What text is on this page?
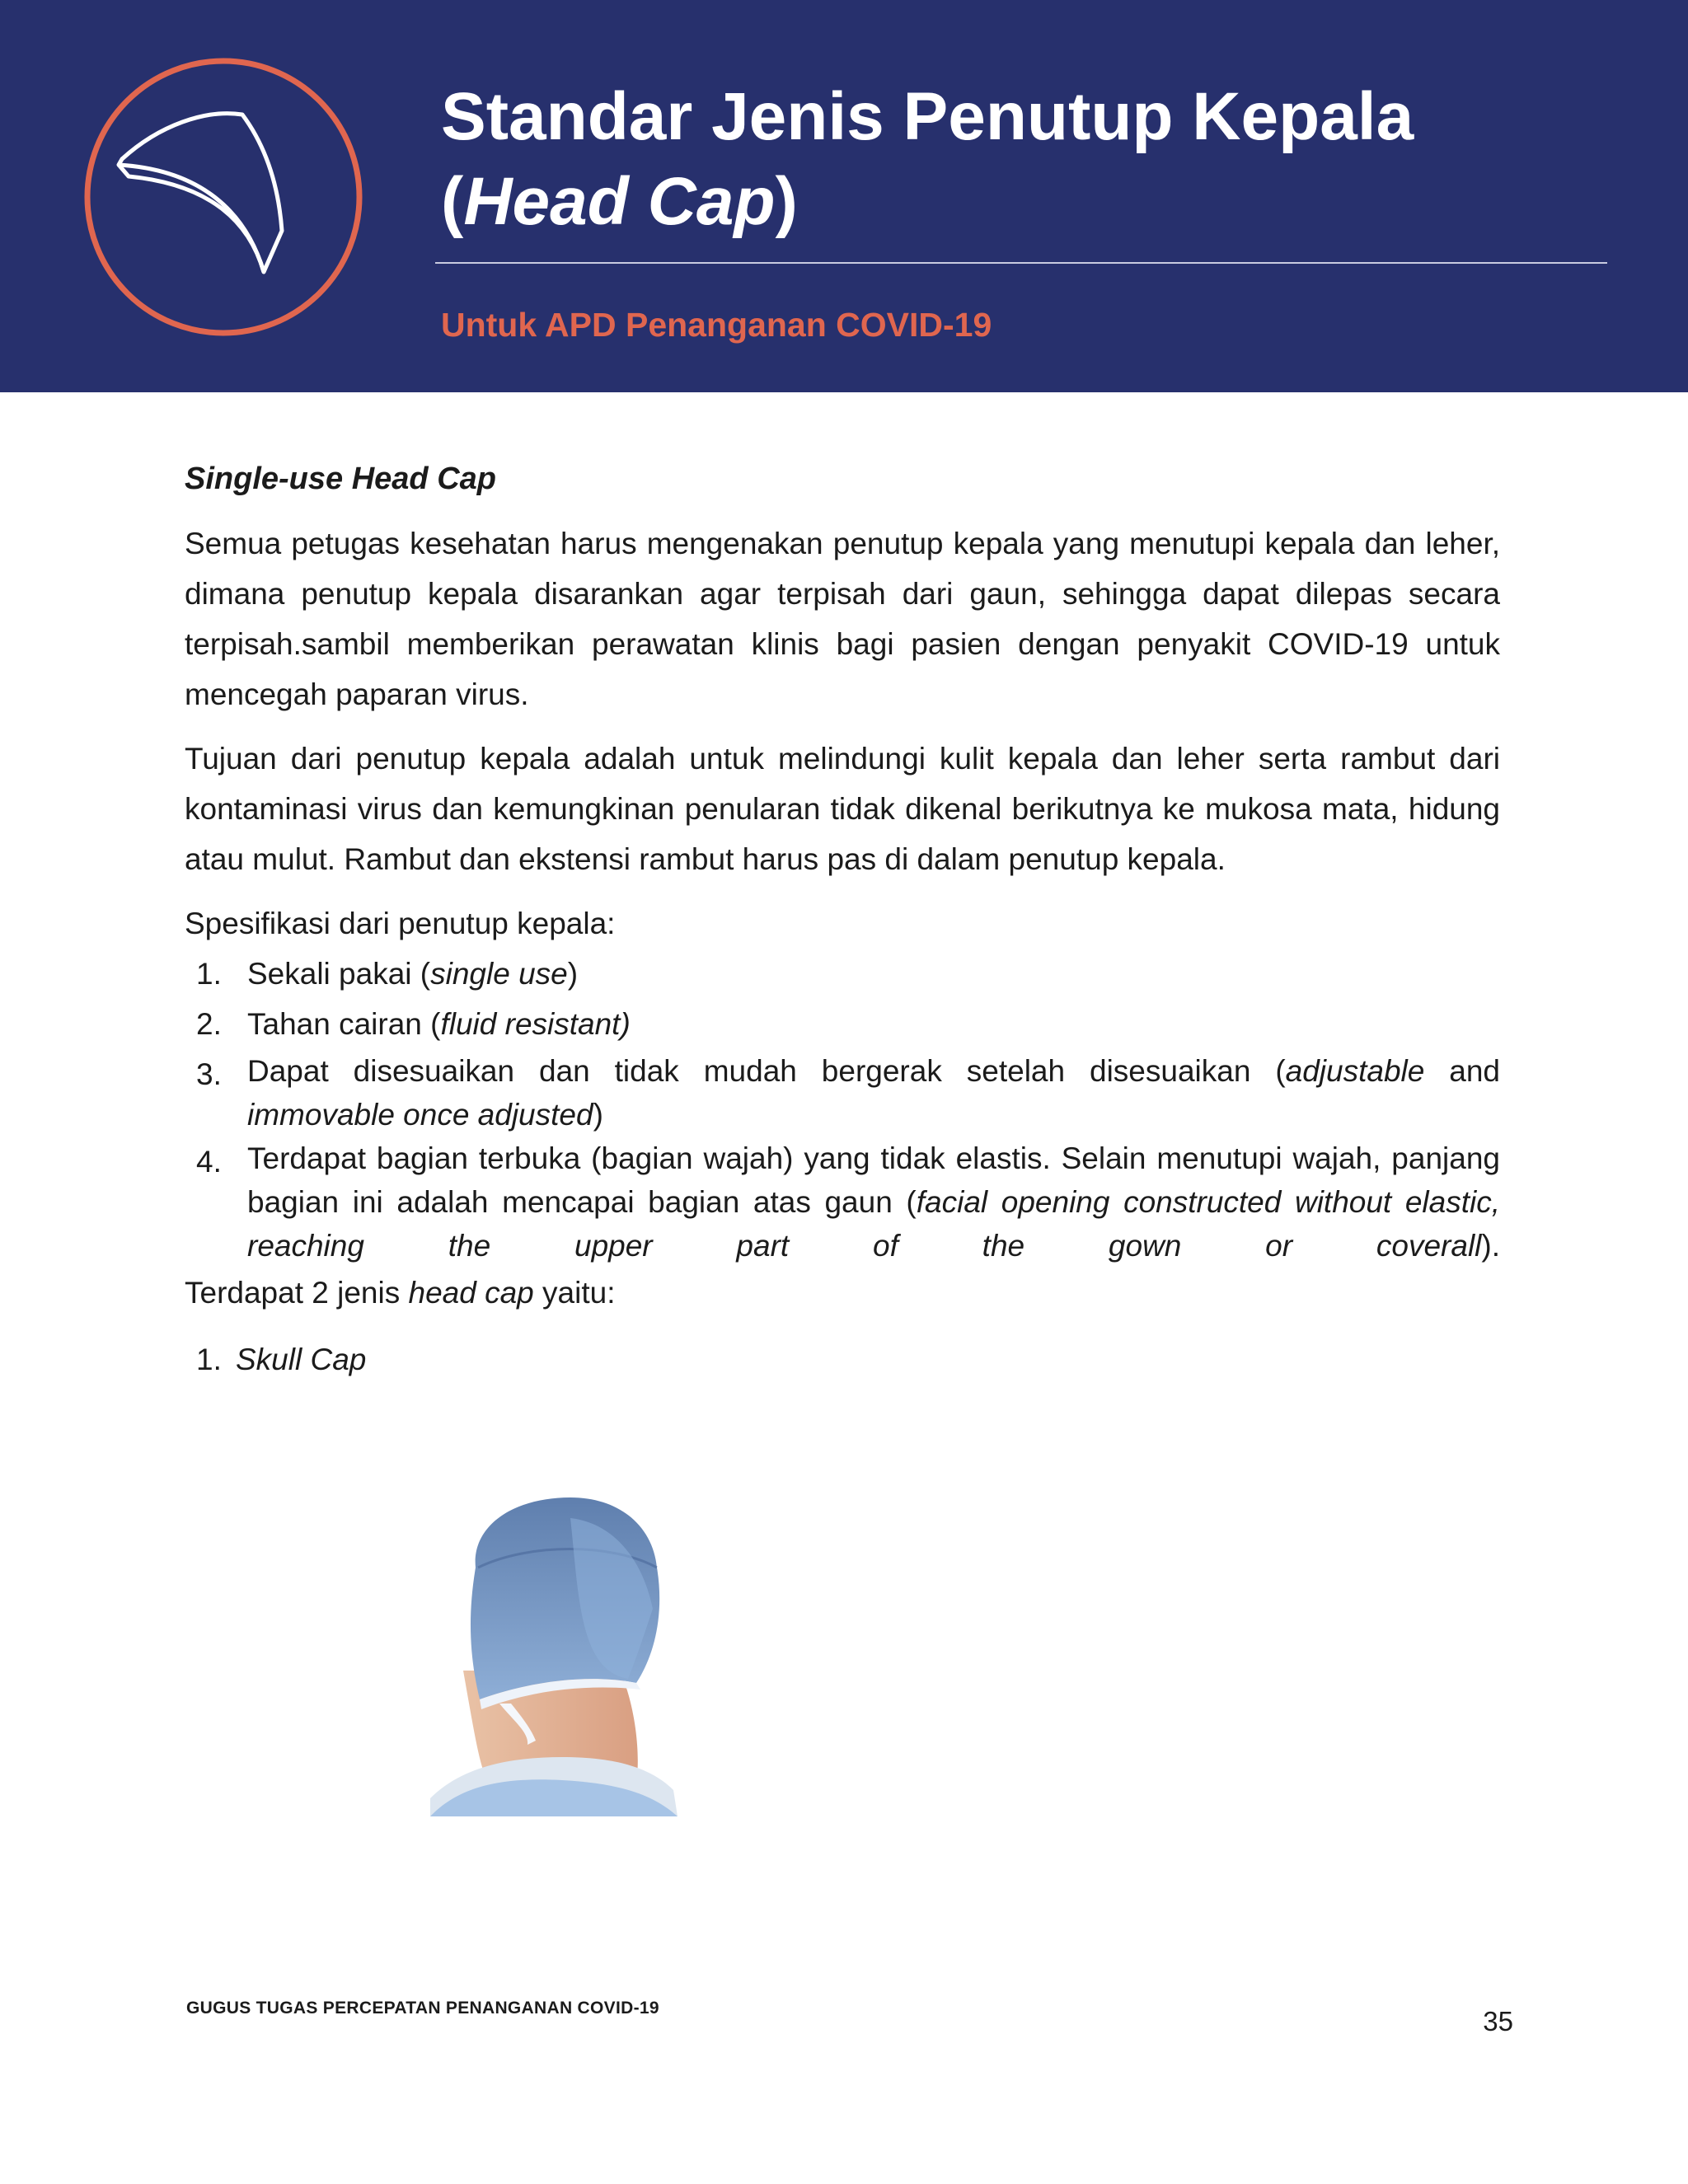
Standar Jenis Penutup Kepala
(Head Cap)

Untuk APD Penanganan COVID-19

Single-use Head Cap

Semua petugas kesehatan harus mengenakan penutup kepala yang menutupi kepala dan leher, dimana penutup kepala disarankan agar terpisah dari gaun, sehingga dapat dilepas secara terpisah.sambil memberikan perawatan klinis bagi pasien dengan penyakit COVID-19 untuk mencegah paparan virus.

Tujuan dari penutup kepala adalah untuk melindungi kulit kepala dan leher serta rambut dari kontaminasi virus dan kemungkinan penularan tidak dikenal berikutnya ke mukosa mata, hidung atau mulut. Rambut dan ekstensi rambut harus pas di dalam penutup kepala.

Spesifikasi dari penutup kepala:

1. Sekali pakai (single use)
2. Tahan cairan (fluid resistant)
3. Dapat disesuaikan dan tidak mudah bergerak setelah disesuaikan (adjustable and immovable once adjusted)
4. Terdapat bagian terbuka (bagian wajah) yang tidak elastis. Selain menutupi wajah, panjang bagian ini adalah mencapai bagian atas gaun (facial opening constructed without elastic, reaching the upper part of the gown or coverall).

Terdapat 2 jenis head cap yaitu:

1. Skull Cap
GUGUS TUGAS PERCEPATAN PENANGANAN COVID-19	35
